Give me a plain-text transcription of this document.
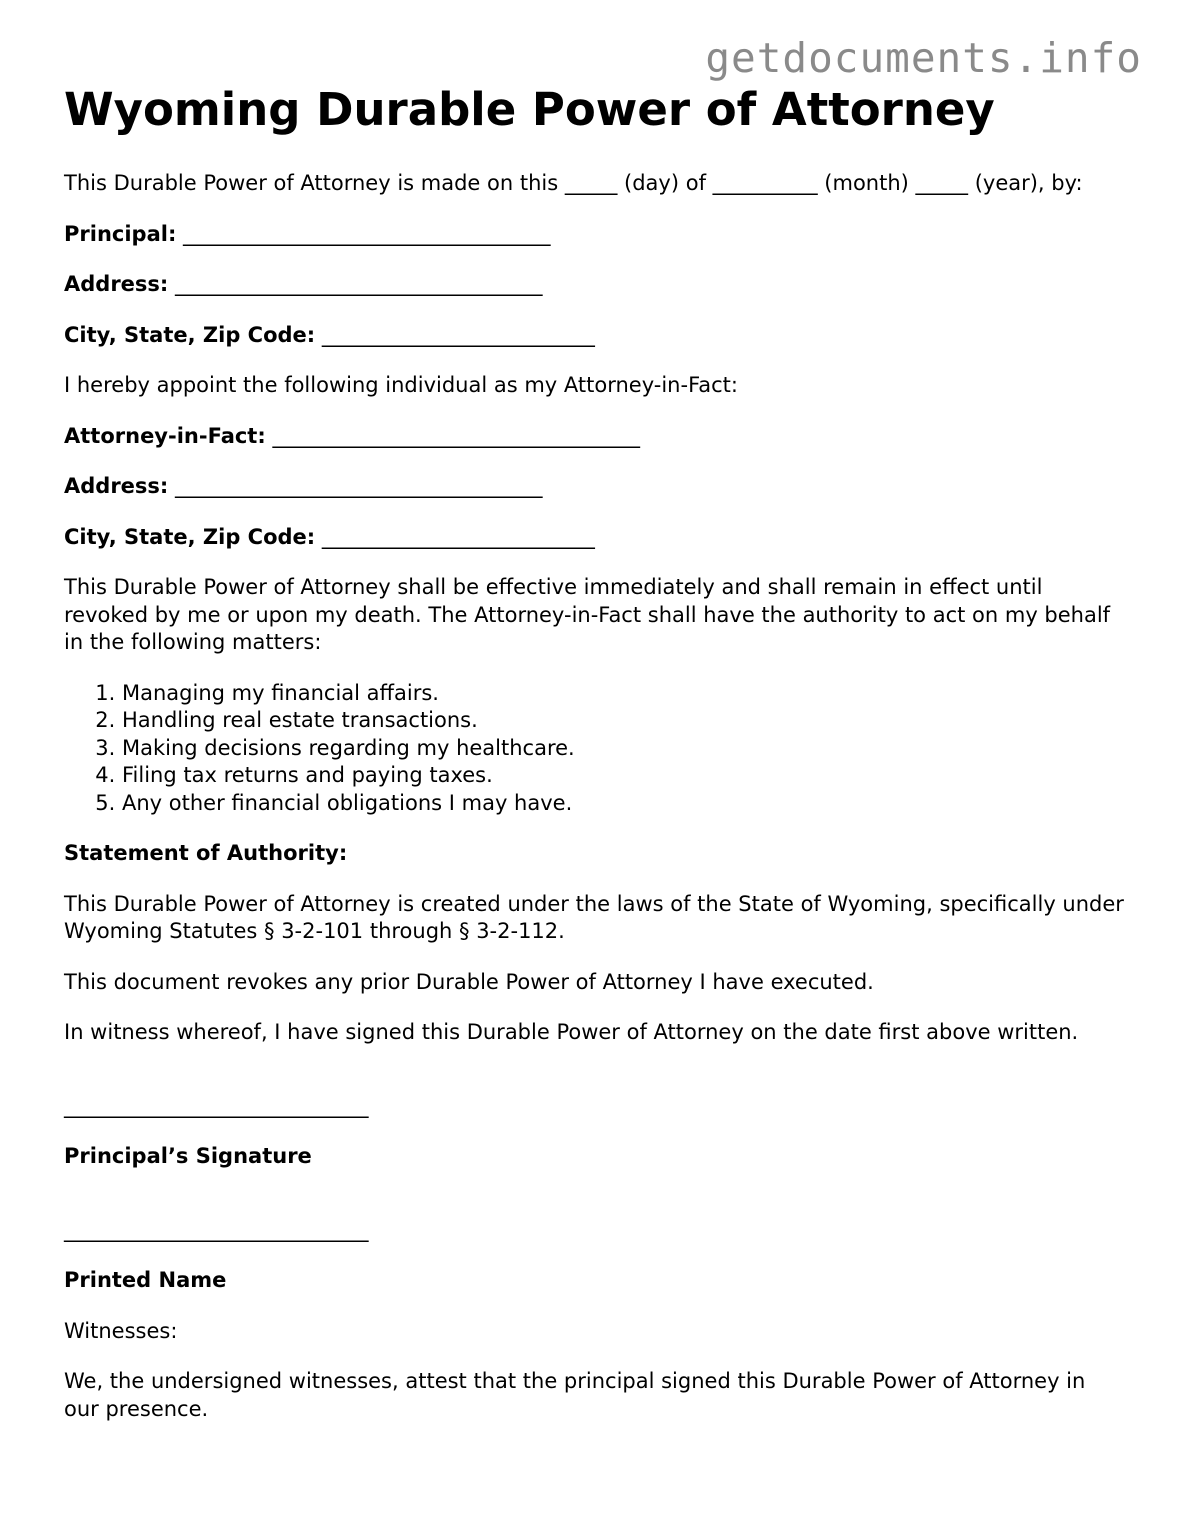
getdocuments.info
Wyoming Durable Power of Attorney

This Durable Power of Attorney is made on this _____ (day) of __________ (month) _____ (year), by:

Principal: ___________________________________

Address: ___________________________________

City, State, Zip Code: __________________________

I hereby appoint the following individual as my Attorney-in-Fact:

Attorney-in-Fact: ___________________________________

Address: ___________________________________

City, State, Zip Code: __________________________

This Durable Power of Attorney shall be effective immediately and shall remain in effect until revoked by me or upon my death. The Attorney-in-Fact shall have the authority to act on my behalf in the following matters:

1. Managing my financial affairs.
2. Handling real estate transactions.
3. Making decisions regarding my healthcare.
4. Filing tax returns and paying taxes.
5. Any other financial obligations I may have.

Statement of Authority:

This Durable Power of Attorney is created under the laws of the State of Wyoming, specifically under Wyoming Statutes § 3-2-101 through § 3-2-112.

This document revokes any prior Durable Power of Attorney I have executed.

In witness whereof, I have signed this Durable Power of Attorney on the date first above written.

_____________________________

Principal’s Signature

_____________________________

Printed Name

Witnesses:

We, the undersigned witnesses, attest that the principal signed this Durable Power of Attorney in our presence.
